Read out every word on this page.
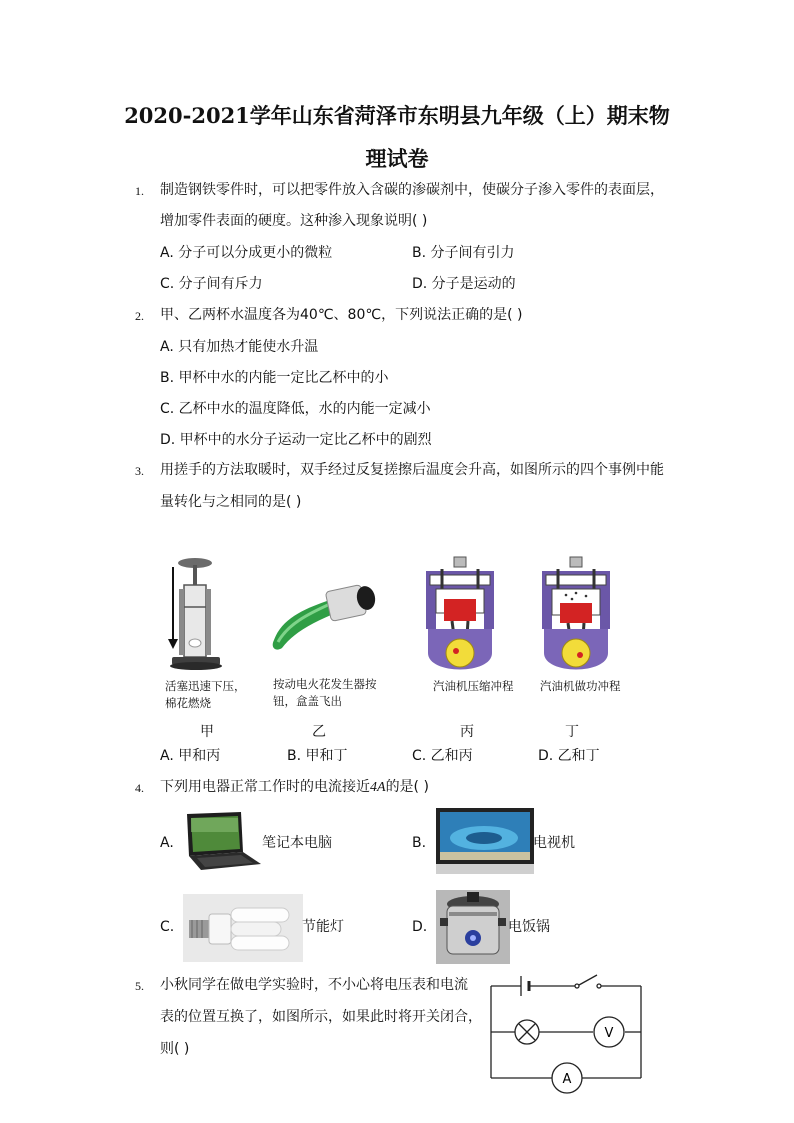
2020-2021学年山东省菏泽市东明县九年级（上）期末物
理试卷
1. 制造钢铁零件时，可以把零件放入含碳的渗碳剂中，使碳分子渗入零件的表面层，
增加零件表面的硬度。这种渗入现象说明( )
A. 分子可以分成更小的微粒	B. 分子间有引力
C. 分子间有斥力	D. 分子是运动的
2. 甲、乙两杯水温度各为40℃、80℃，下列说法正确的是( )
A. 只有加热才能使水升温
B. 甲杯中水的内能一定比乙杯中的小
C. 乙杯中水的温度降低，水的内能一定减小
D. 甲杯中的水分子运动一定比乙杯中的剧烈
3. 用搓手的方法取暖时，双手经过反复搓擦后温度会升高，如图所示的四个事例中能
量转化与之相同的是( )
活塞迅速下压，
棉花燃烧
按动电火花发生器按
钮，盒盖飞出
汽油机压缩冲程 汽油机做功冲程
甲	乙	丙	丁
A. 甲和丙	B. 甲和丁	C. 乙和丙	D. 乙和丁
4. 下列用电器正常工作时的电流接近4A的是( )
A.	笔记本电脑	B.	电视机
C.	节能灯	D.	电饭锅
5. 小秋同学在做电学实验时，不小心将电压表和电流
表的位置互换了，如图所示，如果此时将开关闭合，
则( )
V
A
